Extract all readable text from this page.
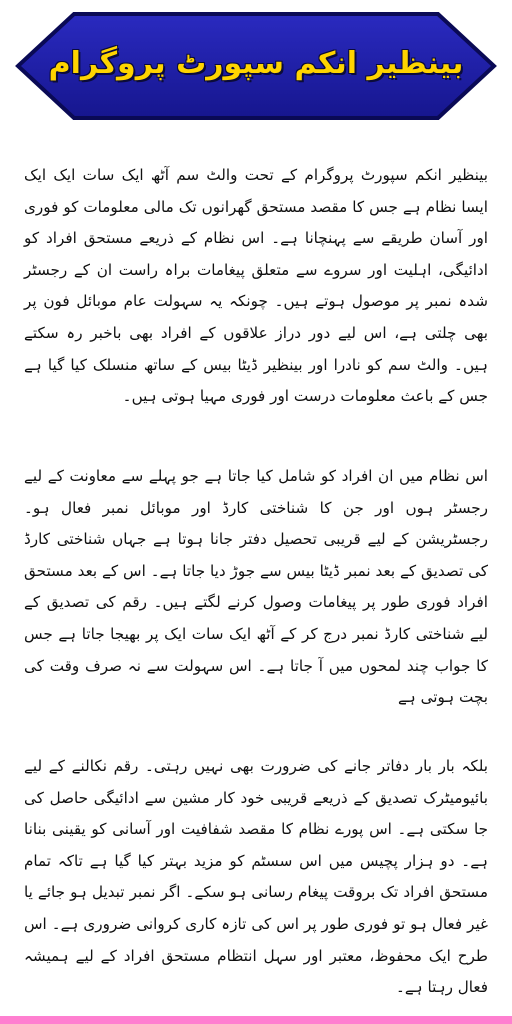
بینظیر انکم سپورٹ پروگرام

بینظیر انکم سپورٹ پروگرام کے تحت والٹ سم آٹھ ایک سات ایک ایک ایسا نظام ہے جس کا مقصد مستحق گھرانوں تک مالی معلومات کو فوری اور آسان طریقے سے پہنچانا ہے۔ اس نظام کے ذریعے مستحق افراد کو ادائیگی، اہلیت اور سروے سے متعلق پیغامات براہ راست ان کے رجسٹر شدہ نمبر پر موصول ہوتے ہیں۔ چونکہ یہ سہولت عام موبائل فون پر بھی چلتی ہے، اس لیے دور دراز علاقوں کے افراد بھی باخبر رہ سکتے ہیں۔ والٹ سم کو نادرا اور بینظیر ڈیٹا بیس کے ساتھ منسلک کیا گیا ہے جس کے باعث معلومات درست اور فوری مہیا ہوتی ہیں۔

اس نظام میں ان افراد کو شامل کیا جاتا ہے جو پہلے سے معاونت کے لیے رجسٹر ہوں اور جن کا شناختی کارڈ اور موبائل نمبر فعال ہو۔ رجسٹریشن کے لیے قریبی تحصیل دفتر جانا ہوتا ہے جہاں شناختی کارڈ کی تصدیق کے بعد نمبر ڈیٹا بیس سے جوڑ دیا جاتا ہے۔ اس کے بعد مستحق افراد فوری طور پر پیغامات وصول کرنے لگتے ہیں۔ رقم کی تصدیق کے لیے شناختی کارڈ نمبر درج کر کے آٹھ ایک سات ایک پر بھیجا جاتا ہے جس کا جواب چند لمحوں میں آ جاتا ہے۔ اس سہولت سے نہ صرف وقت کی بچت ہوتی ہے

بلکہ بار بار دفاتر جانے کی ضرورت بھی نہیں رہتی۔ رقم نکالنے کے لیے بائیومیٹرک تصدیق کے ذریعے قریبی خود کار مشین سے ادائیگی حاصل کی جا سکتی ہے۔ اس پورے نظام کا مقصد شفافیت اور آسانی کو یقینی بنانا ہے۔ دو ہزار پچیس میں اس سسٹم کو مزید بہتر کیا گیا ہے تاکہ تمام مستحق افراد تک بروقت پیغام رسانی ہو سکے۔ اگر نمبر تبدیل ہو جائے یا غیر فعال ہو تو فوری طور پر اس کی تازہ کاری کروانی ضروری ہے۔ اس طرح ایک محفوظ، معتبر اور سہل انتظام مستحق افراد کے لیے ہمیشہ فعال رہتا ہے۔
